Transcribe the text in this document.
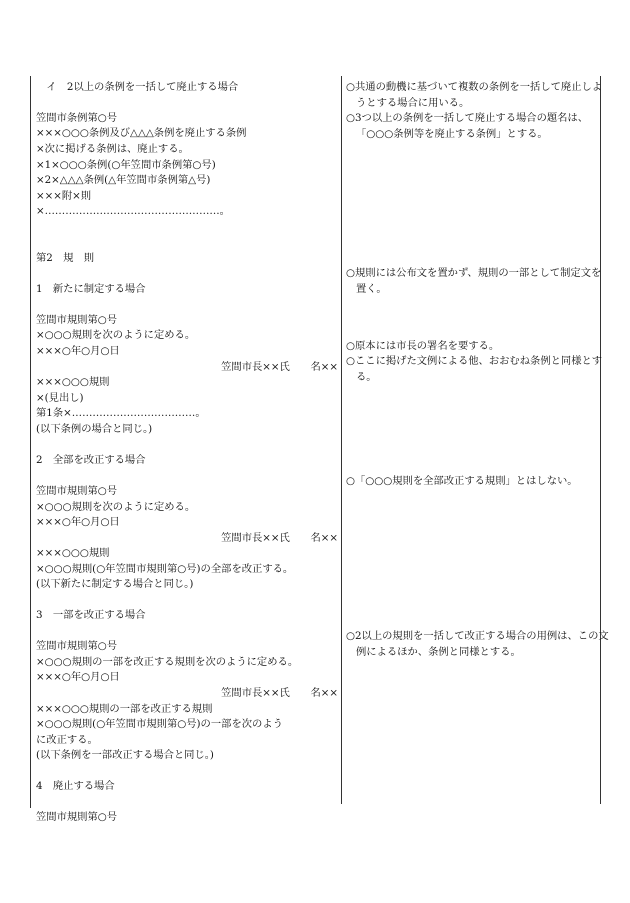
　イ　2以上の条例を一括して廃止する場合
笠間市条例第○号
×××○○○条例及び△△△条例を廃止する条例
×次に掲げる条例は、廃止する。
×1×○○○条例(○年笠間市条例第○号)
×2×△△△条例(△年笠間市条例第△号)
×××附×則
×……………………………………………。
第2　規　則
1　新たに制定する場合
笠間市規則第○号
×○○○規則を次のように定める。
×××○年○月○日
笠間市長××氏　　名××
×××○○○規則
×(見出し)
第1条×………………………………。
(以下条例の場合と同じ。)
2　全部を改正する場合
笠間市規則第○号
×○○○規則を次のように定める。
×××○年○月○日
笠間市長××氏　　名××
×××○○○規則
×○○○規則(○年笠間市規則第○号)の全部を改正する。
(以下新たに制定する場合と同じ。)
3　一部を改正する場合
笠間市規則第○号
×○○○規則の一部を改正する規則を次のように定める。
×××○年○月○日
笠間市長××氏　　名××
×××○○○規則の一部を改正する規則
×○○○規則(○年笠間市規則第○号)の一部を次のよう
に改正する。
(以下条例を一部改正する場合と同じ。)
4　廃止する場合
笠間市規則第○号
○共通の動機に基づいて複数の条例を一括して廃止しようとする場合に用いる。
○3つ以上の条例を一括して廃止する場合の題名は、「○○○条例等を廃止する条例」とする。
○規則には公布文を置かず、規則の一部として制定文を置く。
○原本には市長の署名を要する。
○ここに掲げた文例による他、おおむね条例と同様とする。
○「○○○規則を全部改正する規則」とはしない。
○2以上の規則を一括して改正する場合の用例は、この文例によるほか、条例と同様とする。
